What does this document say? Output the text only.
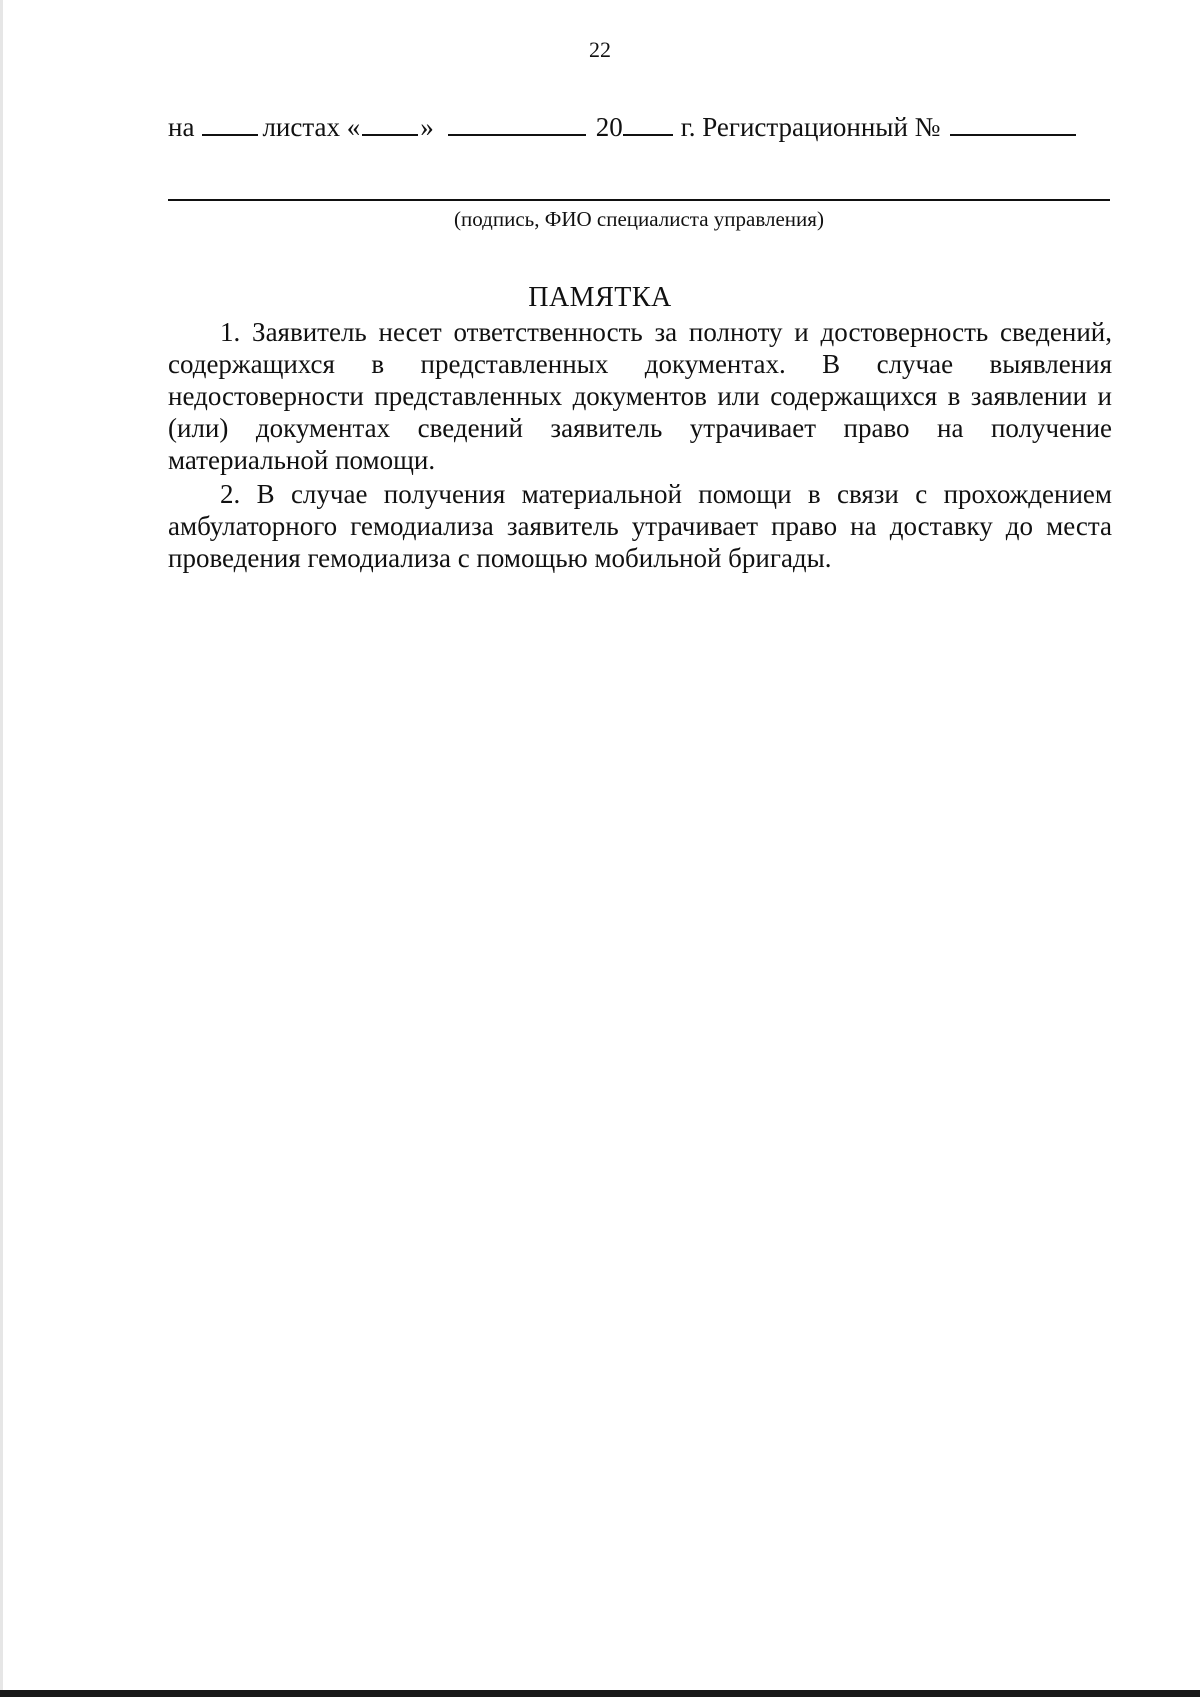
22
на	листах « »	20 г. Регистрационный №
(подпись, ФИО специалиста управления)
ПАМЯТКА

1. Заявитель несет ответственность за полноту и достоверность сведений, содержащихся в представленных документах. В случае выявления недостоверности представленных документов или содержащихся в заявлении и (или) документах сведений заявитель утрачивает право на получение материальной помощи.

2. В случае получения материальной помощи в связи с прохождением амбулаторного гемодиализа заявитель утрачивает право на доставку до места проведения гемодиализа с помощью мобильной бригады.
